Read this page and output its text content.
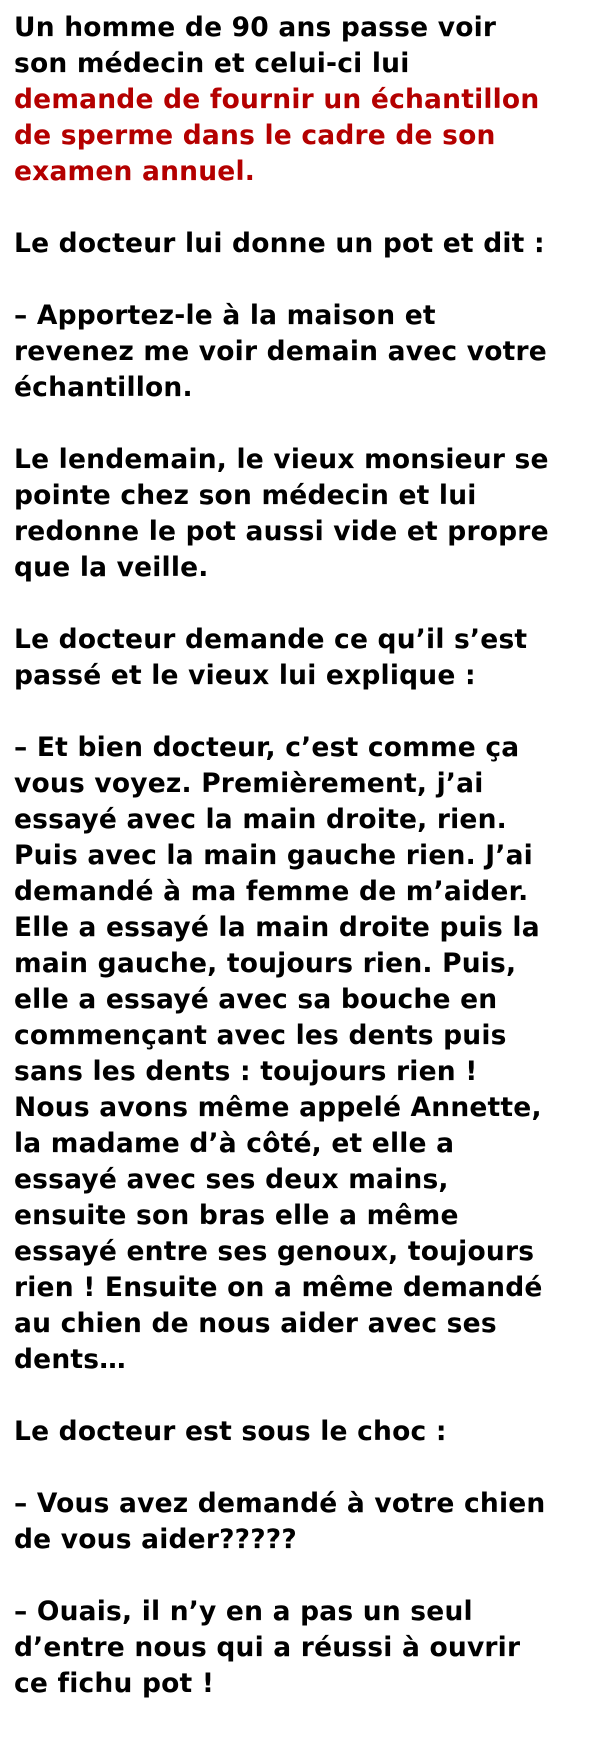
Un homme de 90 ans passe voir
son médecin et celui-ci lui
demande de fournir un échantillon
de sperme dans le cadre de son
examen annuel.
Le docteur lui donne un pot et dit :
– Apportez-le à la maison et
revenez me voir demain avec votre
échantillon.
Le lendemain, le vieux monsieur se
pointe chez son médecin et lui
redonne le pot aussi vide et propre
que la veille.
Le docteur demande ce qu’il s’est
passé et le vieux lui explique :
– Et bien docteur, c’est comme ça
vous voyez. Premièrement, j’ai
essayé avec la main droite, rien.
Puis avec la main gauche rien. J’ai
demandé à ma femme de m’aider.
Elle a essayé la main droite puis la
main gauche, toujours rien. Puis,
elle a essayé avec sa bouche en
commençant avec les dents puis
sans les dents : toujours rien !
Nous avons même appelé Annette,
la madame d’à côté, et elle a
essayé avec ses deux mains,
ensuite son bras elle a même
essayé entre ses genoux, toujours
rien ! Ensuite on a même demandé
au chien de nous aider avec ses
dents…
Le docteur est sous le choc :
– Vous avez demandé à votre chien
de vous aider?????
– Ouais, il n’y en a pas un seul
d’entre nous qui a réussi à ouvrir
ce fichu pot !
